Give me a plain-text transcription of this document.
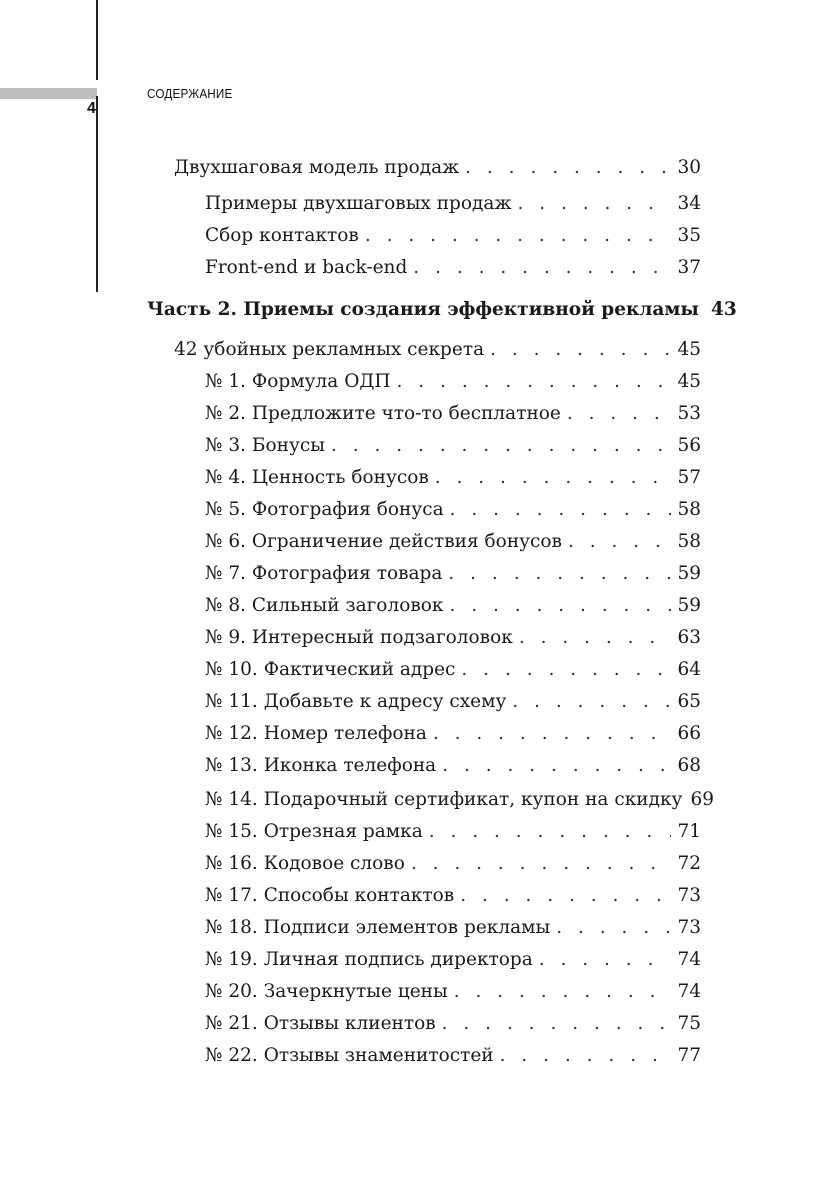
4
СОДЕРЖАНИЕ
Двухшаговая модель продаж . . .	30
Примеры двухшаговых продаж . . .	34
Сбор контактов . . .	35
Front-end и back-end . . .	37
Часть 2. Приемы создания эффективной рекламы 43
42 убойных рекламных секрета . . .	45
№ 1. Формула ОДП . . .	45
№ 2. Предложите что-то бесплатное . . .	53
№ 3. Бонусы . . .	56
№ 4. Ценность бонусов . . .	57
№ 5. Фотография бонуса . . .	58
№ 6. Ограничение действия бонусов . . .	58
№ 7. Фотография товара . . .	59
№ 8. Сильный заголовок . . .	59
№ 9. Интересный подзаголовок . . .	63
№ 10. Фактический адрес . . .	64
№ 11. Добавьте к адресу схему . . .	65
№ 12. Номер телефона . . .	66
№ 13. Иконка телефона . . .	68
№ 14. Подарочный сертификат, купон на скидку 69
№ 15. Отрезная рамка . . .	71
№ 16. Кодовое слово . . .	72
№ 17. Способы контактов . . .	73
№ 18. Подписи элементов рекламы . . .	73
№ 19. Личная подпись директора . . .	74
№ 20. Зачеркнутые цены . . .	74
№ 21. Отзывы клиентов . . .	75
№ 22. Отзывы знаменитостей . . .	77
